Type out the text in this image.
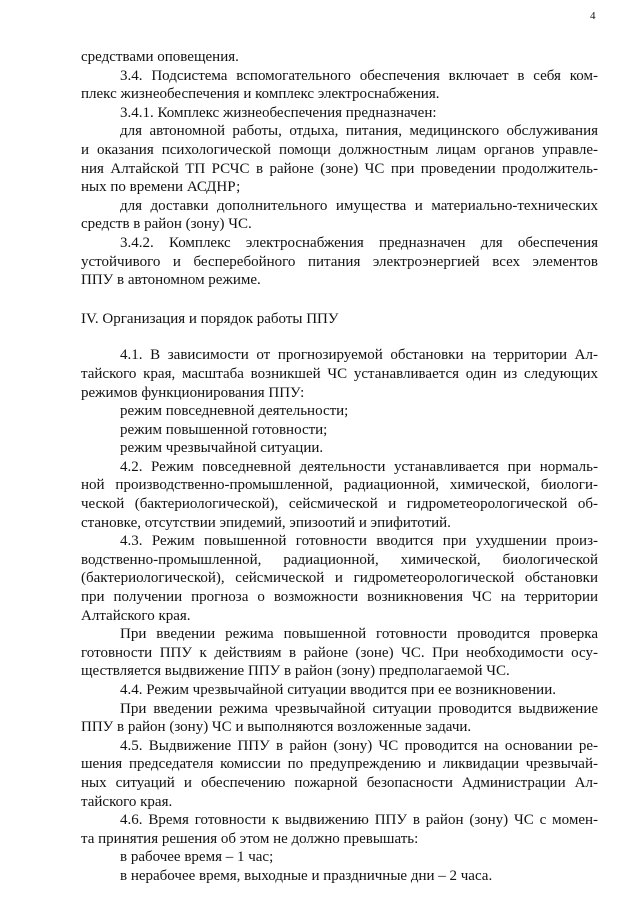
4

средствами оповещения.

3.4. Подсистема вспомогательного обеспечения включает в себя ком-

плекс жизнеобеспечения и комплекс электроснабжения.

3.4.1. Комплекс жизнеобеспечения предназначен:

для автономной работы, отдыха, питания, медицинского обслуживания

и оказания психологической помощи должностным лицам органов управле-

ния Алтайской ТП РСЧС в районе (зоне) ЧС при проведении продолжитель-

ных по времени АСДНР;

для доставки дополнительного имущества и материально-технических

средств в район (зону) ЧС.

3.4.2. Комплекс электроснабжения предназначен для обеспечения

устойчивого и бесперебойного питания электроэнергией всех элементов

ППУ в автономном режиме.

IV. Организация и порядок работы ППУ

4.1. В зависимости от прогнозируемой обстановки на территории Ал-

тайского края, масштаба возникшей ЧС устанавливается один из следующих

режимов функционирования ППУ:

режим повседневной деятельности;

режим повышенной готовности;

режим чрезвычайной ситуации.

4.2. Режим повседневной деятельности устанавливается при нормаль-

ной производственно-промышленной, радиационной, химической, биологи-

ческой (бактериологической), сейсмической и гидрометеорологической об-

становке, отсутствии эпидемий, эпизоотий и эпифитотий.

4.3. Режим повышенной готовности вводится при ухудшении произ-

водственно-промышленной, радиационной, химической, биологической

(бактериологической), сейсмической и гидрометеорологической обстановки

при получении прогноза о возможности возникновения ЧС на территории

Алтайского края.

При введении режима повышенной готовности проводится проверка

готовности ППУ к действиям в районе (зоне) ЧС. При необходимости осу-

ществляется выдвижение ППУ в район (зону) предполагаемой ЧС.

4.4. Режим чрезвычайной ситуации вводится при ее возникновении.

При введении режима чрезвычайной ситуации проводится выдвижение

ППУ в район (зону) ЧС и выполняются возложенные задачи.

4.5. Выдвижение ППУ в район (зону) ЧС проводится на основании ре-

шения председателя комиссии по предупреждению и ликвидации чрезвычай-

ных ситуаций и обеспечению пожарной безопасности Администрации Ал-

тайского края.

4.6. Время готовности к выдвижению ППУ в район (зону) ЧС с момен-

та принятия решения об этом не должно превышать:

в рабочее время – 1 час;

в нерабочее время, выходные и праздничные дни – 2 часа.
